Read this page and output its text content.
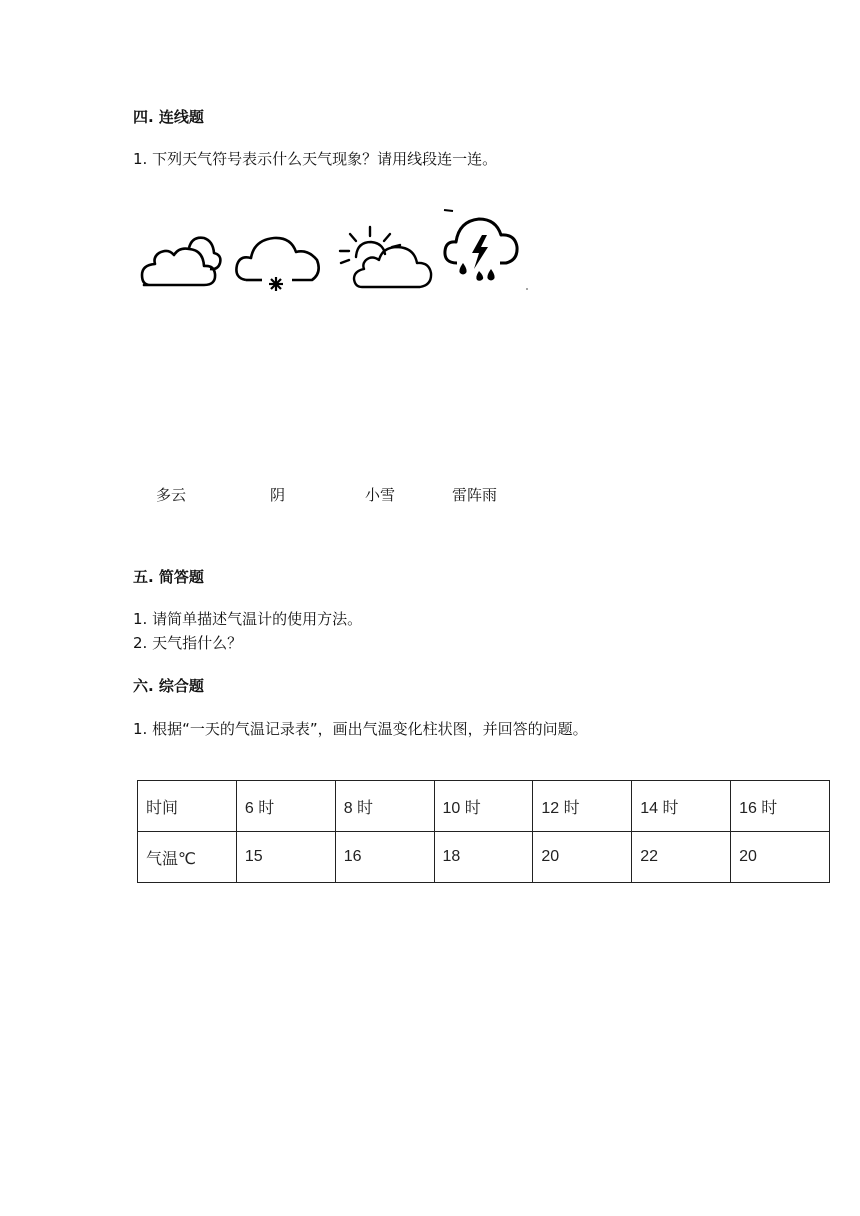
四. 连线题
1. 下列天气符号表示什么天气现象？请用线段连一连。
多云	阴	小雪	雷阵雨
五. 简答题
1. 请简单描述气温计的使用方法。
2. 天气指什么？
六. 综合题
1. 根据“一天的气温记录表”，画出气温变化柱状图，并回答的问题。
时间	6 时	8 时	10 时	12 时	14 时	16 时
气温℃	15	16	18	20	22	20
